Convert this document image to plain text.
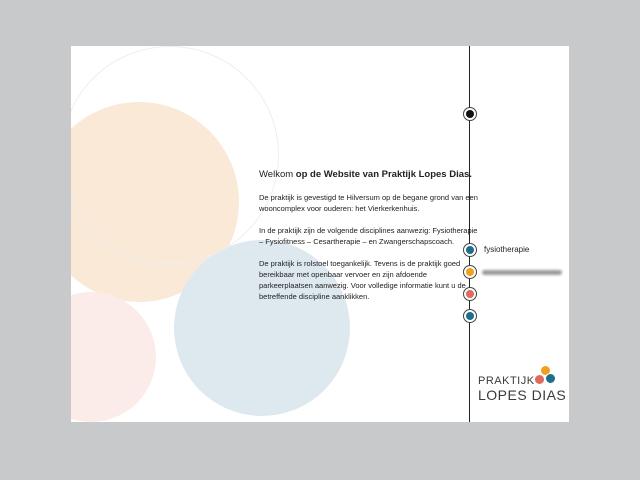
fysiotherapie

Welkom op de Website van Praktijk Lopes Dias.

De praktijk is gevestigd te Hilversum op de begane grond van een wooncomplex voor ouderen: het Vierkerkenhuis.

In de praktijk zijn de volgende disciplines aanwezig: Fysiotherapie – Fysiofitness – Cesartherapie – en Zwangerschapscoach.

De praktijk is rolstoel toegankelijk. Tevens is de praktijk goed bereikbaar met openbaar vervoer en zijn afdoende parkeerplaatsen aanwezig. Voor volledige informatie kunt u de betreffende discipline aanklikken.

PRAKTIJK
LOPES DIAS
